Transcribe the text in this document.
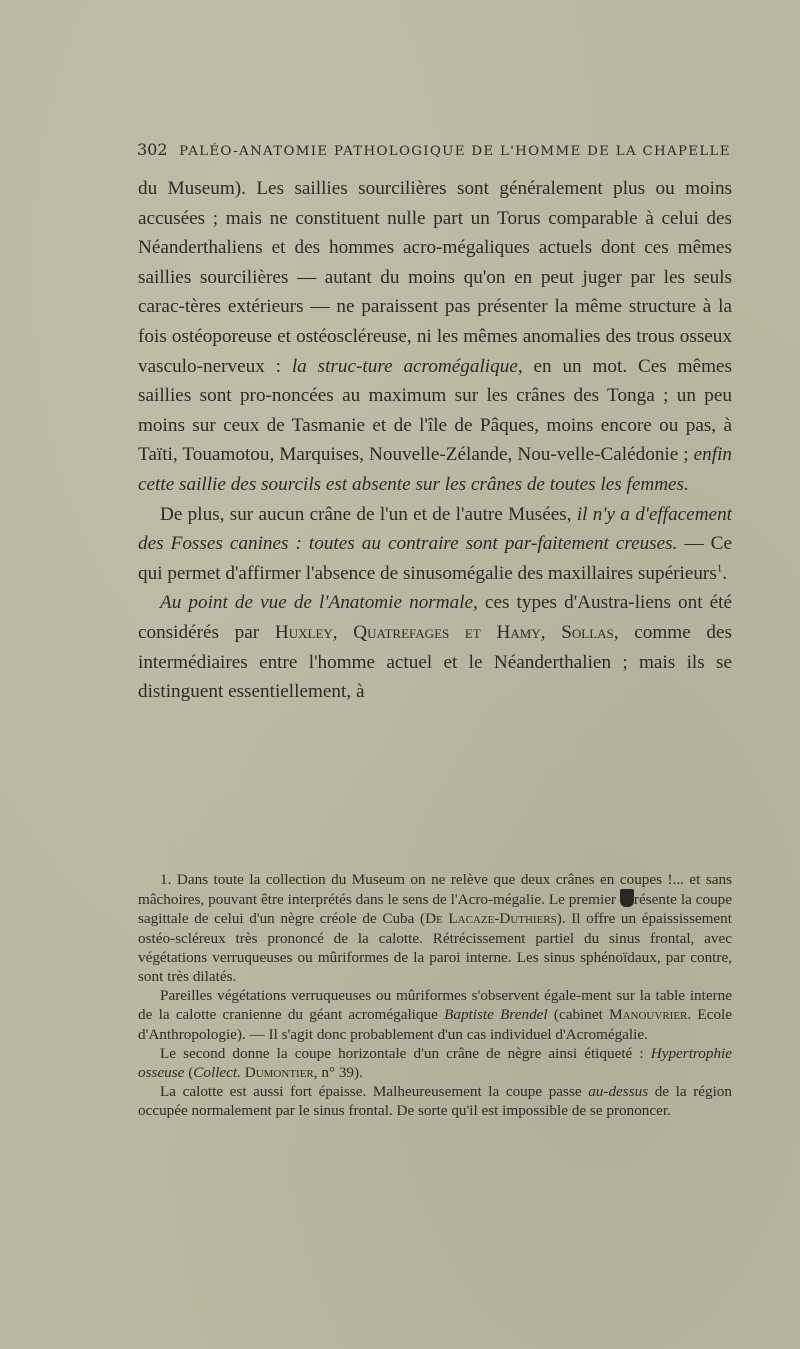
302 PALÉO-ANATOMIE PATHOLOGIQUE DE L'HOMME DE LA CHAPELLE

du Museum). Les saillies sourcilières sont généralement plus ou moins accusées ; mais ne constituent nulle part un Torus comparable à celui des Néanderthaliens et des hommes acro-mégaliques actuels dont ces mêmes saillies sourcilières — autant du moins qu'on en peut juger par les seuls carac-tères extérieurs — ne paraissent pas présenter la même structure à la fois ostéoporeuse et ostéoscléreuse, ni les mêmes anomalies des trous osseux vasculo-nerveux : la struc-ture acromégalique, en un mot. Ces mêmes saillies sont pro-noncées au maximum sur les crânes des Tonga ; un peu moins sur ceux de Tasmanie et de l'île de Pâques, moins encore ou pas, à Taïti, Touamotou, Marquises, Nouvelle-Zélande, Nou-velle-Calédonie ; enfin cette saillie des sourcils est absente sur les crânes de toutes les femmes.

De plus, sur aucun crâne de l'un et de l'autre Musées, il n'y a d'effacement des Fosses canines : toutes au contraire sont par-faitement creuses. — Ce qui permet d'affirmer l'absence de sinusomégalie des maxillaires supérieurs$^1$.

Au point de vue de l'Anatomie normale, ces types d'Austra-liens ont été considérés par Huxley, Quatrefages et Hamy, Sollas, comme des intermédiaires entre l'homme actuel et le Néanderthalien ; mais ils se distinguent essentiellement, à

1. Dans toute la collection du Museum on ne relève que deux crânes en coupes !... et sans mâchoires, pouvant être interprétés dans le sens de l'Acro-mégalie. Le premier résente la coupe sagittale de celui d'un nègre créole de Cuba (De Lacaze-Duthiers). Il offre un épaississement ostéo-scléreux très prononcé de la calotte. Rétrécissement partiel du sinus frontal, avec végétations verruqueuses ou mûriformes de la paroi interne. Les sinus sphénoïdaux, par contre, sont très dilatés.

Pareilles végétations verruqueuses ou mûriformes s'observent égale-ment sur la table interne de la calotte cranienne du géant acromégalique Baptiste Brendel (cabinet Manouvrier. Ecole d'Anthropologie). — Il s'agit donc probablement d'un cas individuel d'Acromégalie.

Le second donne la coupe horizontale d'un crâne de nègre ainsi étiqueté : Hypertrophie osseuse (Collect. Dumontier, n° 39).

La calotte est aussi fort épaisse. Malheureusement la coupe passe au-dessus de la région occupée normalement par le sinus frontal. De sorte qu'il est impossible de se prononcer.
